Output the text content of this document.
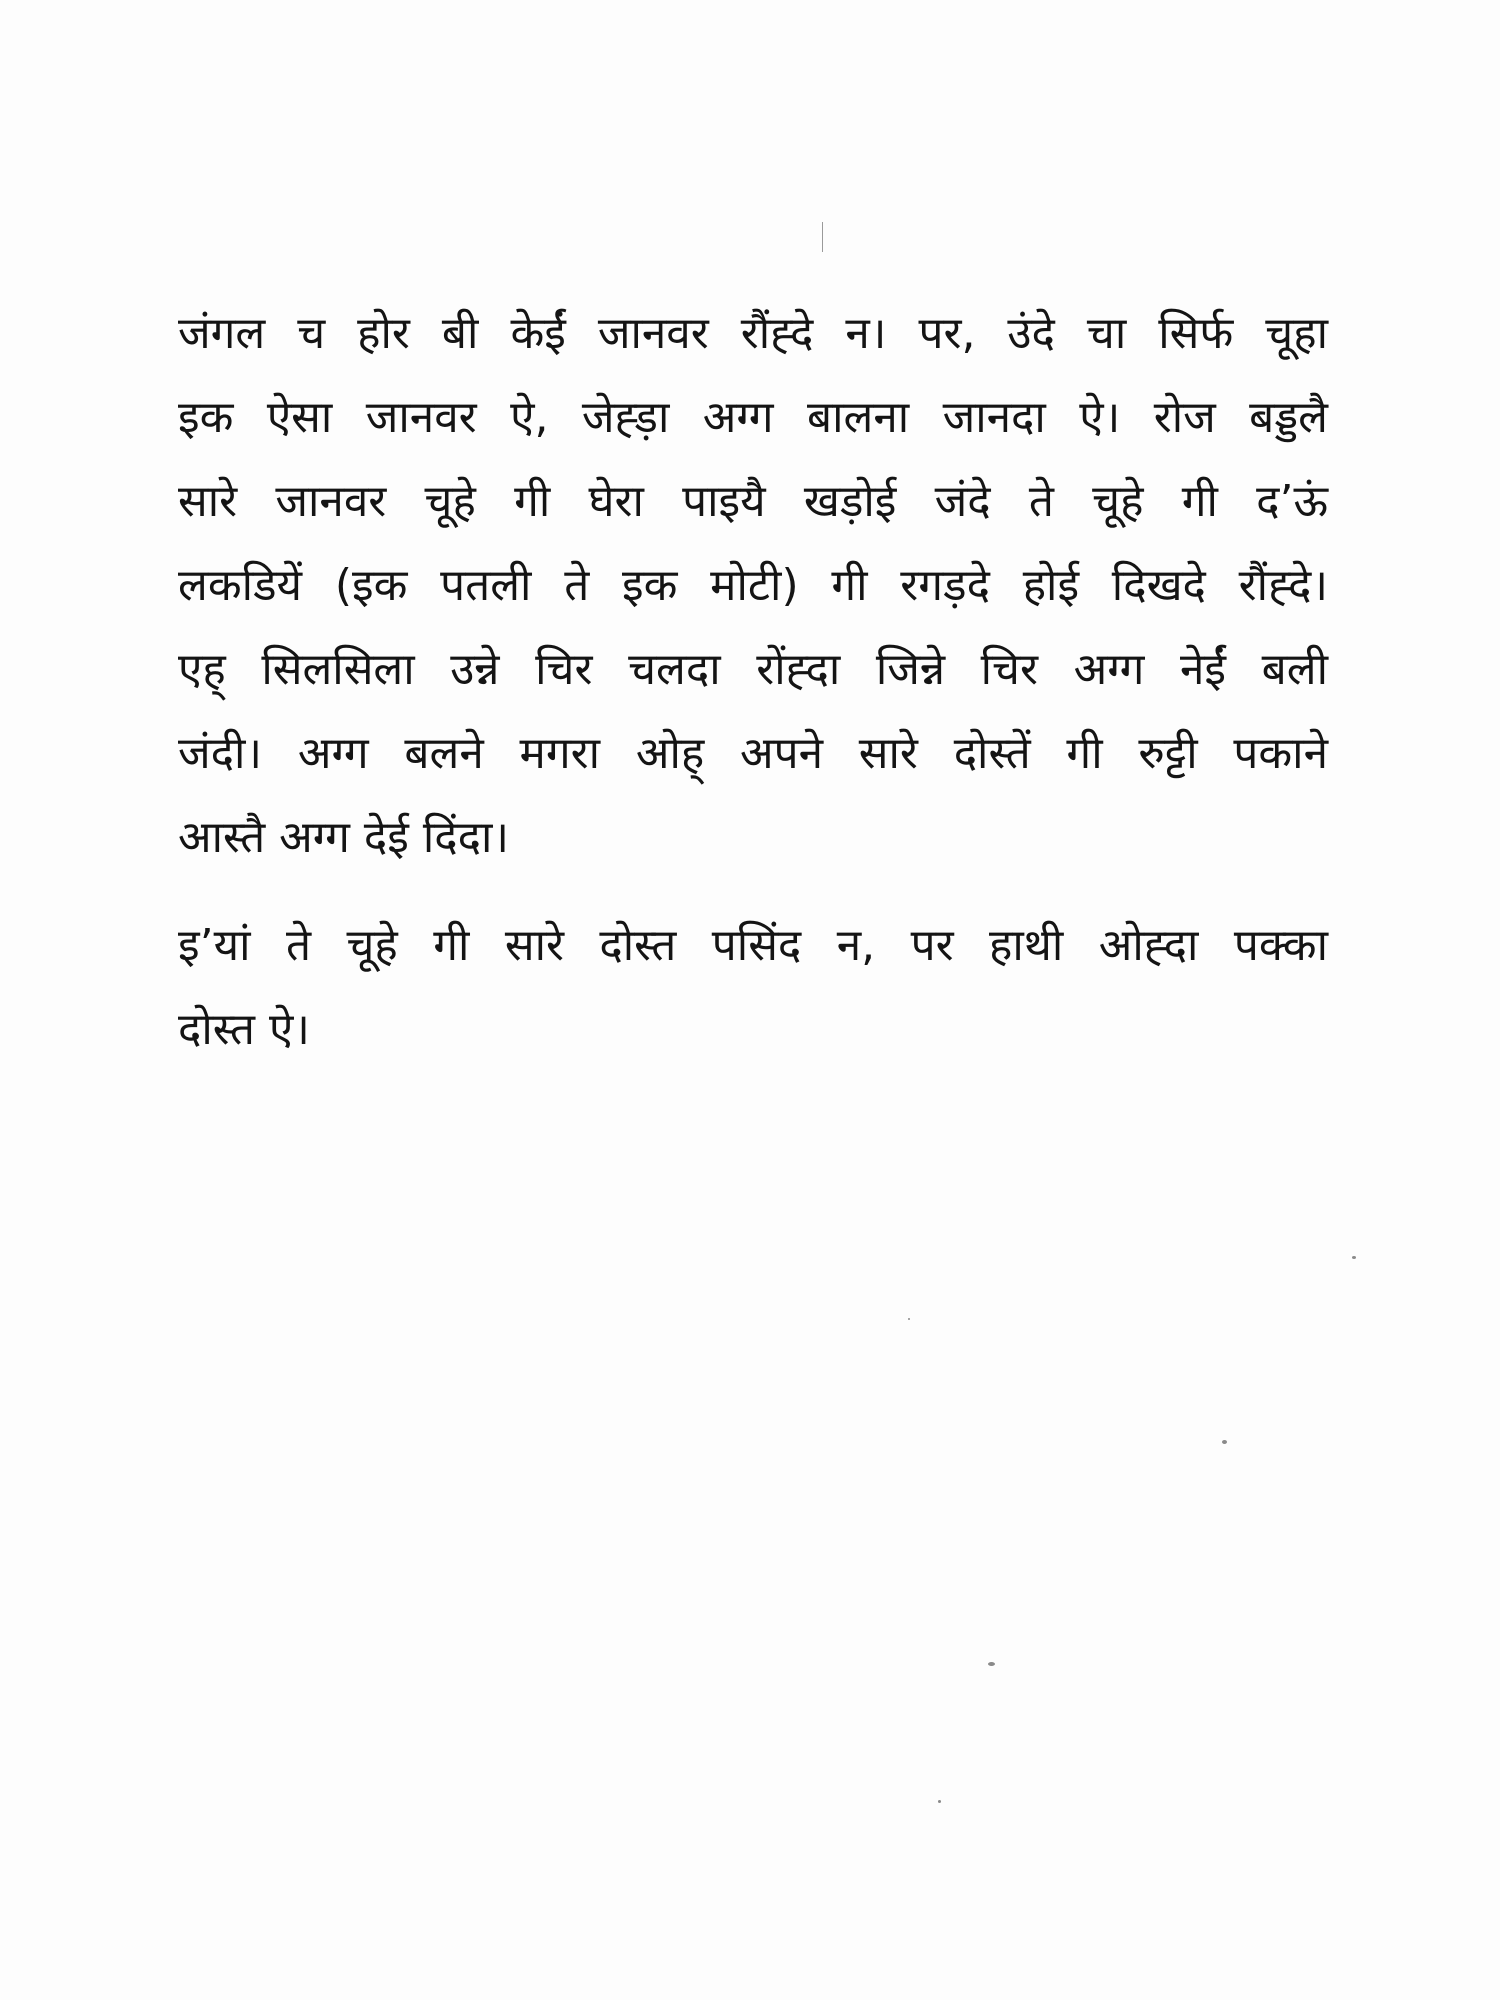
जंगल च होर बी केईं जानवर रौंह्दे न। पर, उंदे चा सिर्फ चूहा
इक ऐसा जानवर ऐ, जेह्ड़ा अग्ग बालना जानदा ऐ। रोज बड्डलै
सारे जानवर चूहे गी घेरा पाइयै खड़ोई जंदे ते चूहे गी द’ऊं
लकडियें (इक पतली ते इक मोटी) गी रगड़दे होई दिखदे रौंह्दे।
एह् सिलसिला उन्ने चिर चलदा रोंह्दा जिन्ने चिर अग्ग नेईं बली
जंदी। अग्ग बलने मगरा ओह् अपने सारे दोस्तें गी रुट्टी पकाने
आस्तै अग्ग देई दिंदा।
इ’यां ते चूहे गी सारे दोस्त पसिंद न, पर हाथी ओह्दा पक्का
दोस्त ऐ।
